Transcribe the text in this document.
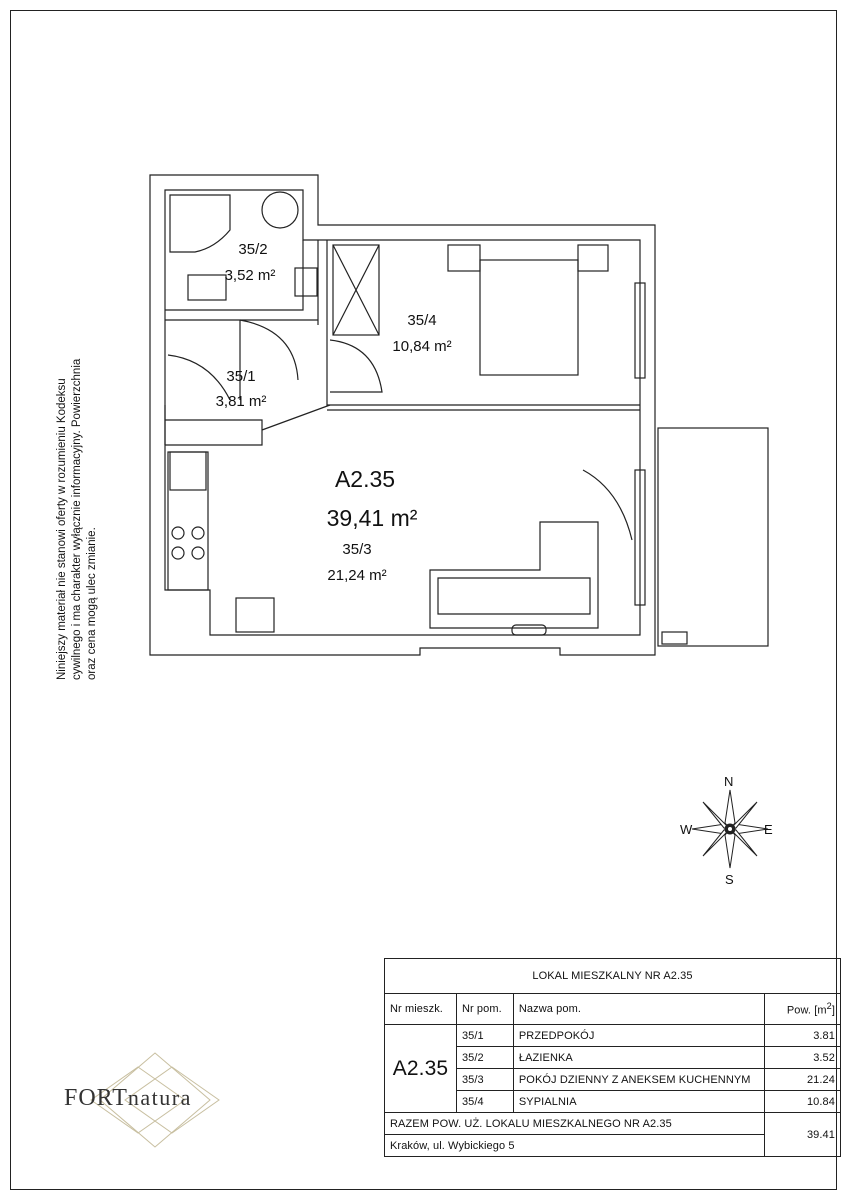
35/2
3,52 m²
35/4
10,84 m²
35/1
3,81 m²
A2.35
39,41 m²
35/3
21,24 m²
Niniejszy materiał nie stanowi oferty w rozumieniu Kodeksu cywilnego i ma charakter wyłącznie informacyjny. Powierzchnia oraz cena mogą ulec zmianie.
N
S
E
W
FORTnatura
LOKAL MIESZKALNY NR A2.35			
Nr mieszk.	Nr pom.	Nazwa pom.	Pow. $[m^2]$
A2.35	35/1	PRZEDPOKÓJ	3.81
	35/2	ŁAZIENKA	3.52
	35/3	POKÓJ DZIENNY Z ANEKSEM KUCHENNYM	21.24
	35/4	SYPIALNIA	10.84
RAZEM POW. UŻ. LOKALU MIESZKALNEGO NR A2.35			39.41
Kraków, ul. Wybickiego 5			
